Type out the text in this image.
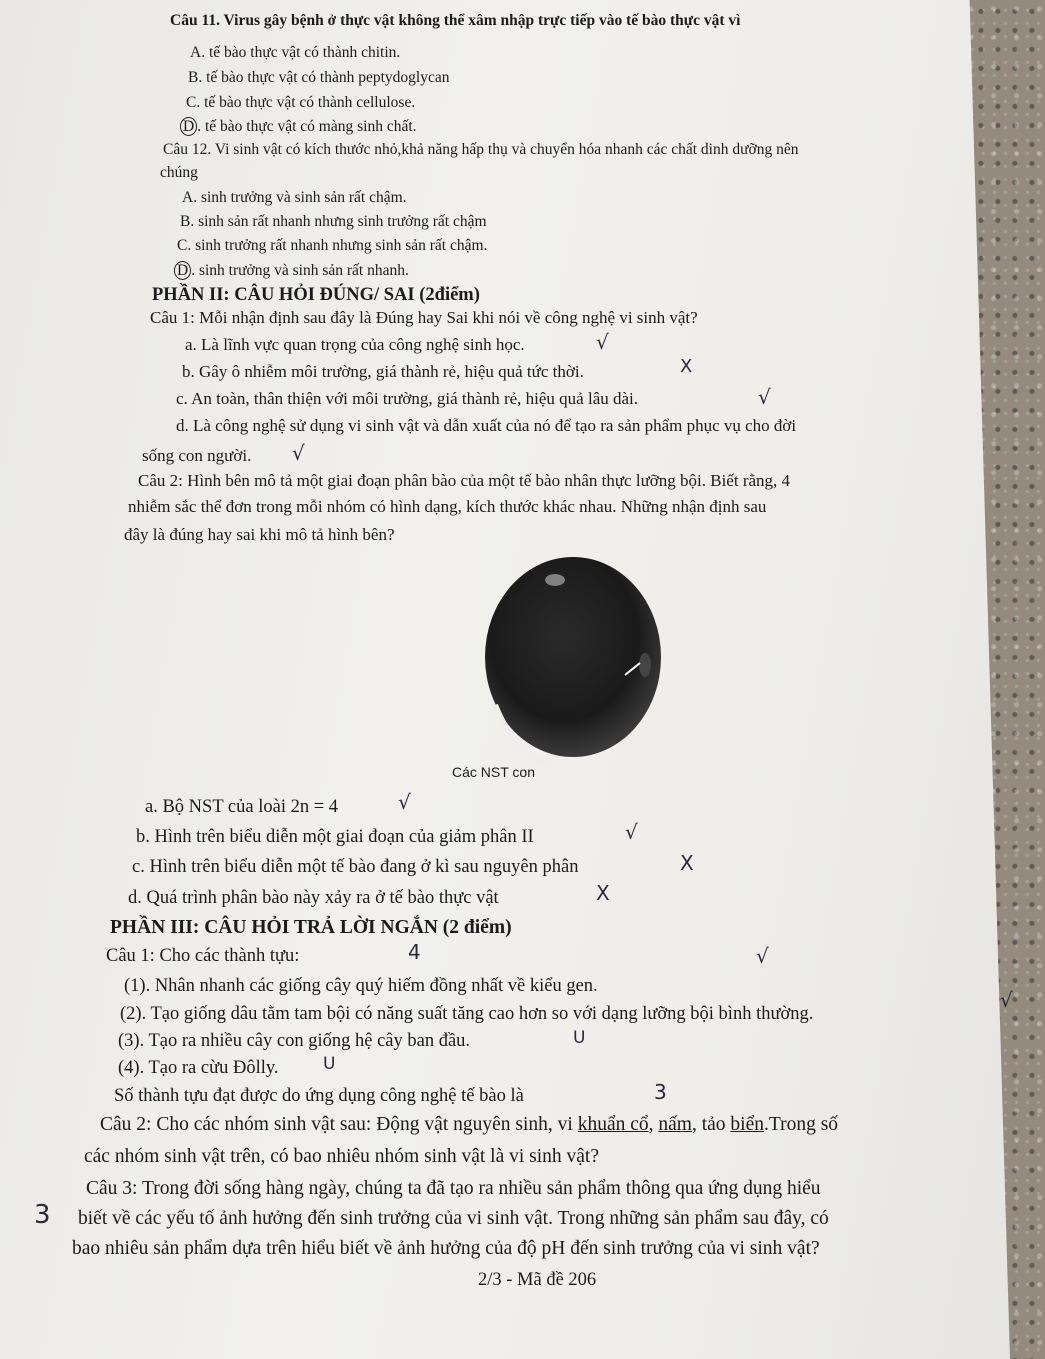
Câu 11. Virus gây bệnh ở thực vật không thể xâm nhập trực tiếp vào tế bào thực vật vì
A. tế bào thực vật có thành chitin.
B. tế bào thực vật có thành peptydoglycan
C. tế bào thực vật có thành cellulose.
D . tế bào thực vật có màng sinh chất.
Câu 12. Vi sinh vật có kích thước nhỏ,khả năng hấp thụ và chuyển hóa nhanh các chất dinh dưỡng nên
chúng
A. sinh trưởng và sinh sản rất chậm.
B. sinh sản rất nhanh nhưng sinh trưởng rất chậm
C. sinh trưởng rất nhanh nhưng sinh sản rất chậm.
D . sinh trưởng và sinh sản rất nhanh.
PHẦN II: CÂU HỎI ĐÚNG/ SAI (2điểm)
Câu 1: Mỗi nhận định sau đây là Đúng hay Sai khi nói về công nghệ vi sinh vật?
a. Là lĩnh vực quan trọng của công nghệ sinh học.	√
b. Gây ô nhiễm môi trường, giá thành rẻ, hiệu quả tức thời.	X
c. An toàn, thân thiện với môi trường, giá thành rẻ, hiệu quả lâu dài.	√
d. Là công nghệ sử dụng vi sinh vật và dẫn xuất của nó để tạo ra sản phẩm phục vụ cho đời
sống con người. √
Câu 2: Hình bên mô tả một giai đoạn phân bào của một tế bào nhân thực lưỡng bội. Biết rằng, 4
nhiễm sắc thể đơn trong mỗi nhóm có hình dạng, kích thước khác nhau. Những nhận định sau
đây là đúng hay sai khi mô tả hình bên?
Các NST con
a. Bộ NST của loài 2n = 4	√
b. Hình trên biểu diễn một giai đoạn của giảm phân II	√
c. Hình trên biểu diễn một tế bào đang ở kì sau nguyên phân	X
d. Quá trình phân bào này xảy ra ở tế bào thực vật	X
PHẦN III: CÂU HỎI TRẢ LỜI NGẮN (2 điểm)
Câu 1: Cho các thành tựu:	4	√
(1). Nhân nhanh các giống cây quý hiếm đồng nhất về kiểu gen.
(2). Tạo giống dâu tằm tam bội có năng suất tăng cao hơn so với dạng lưỡng bội bình thường.
√
(3). Tạo ra nhiều cây con giống hệ cây ban đầu.	U
(4). Tạo ra cừu Đôlly.	U
Số thành tựu đạt được do ứng dụng công nghệ tế bào là	3
Câu 2: Cho các nhóm sinh vật sau: Động vật nguyên sinh, vi khuẩn cổ, nấm, tảo biển.Trong số
các nhóm sinh vật trên, có bao nhiêu nhóm sinh vật là vi sinh vật?
Câu 3: Trong đời sống hàng ngày, chúng ta đã tạo ra nhiều sản phẩm thông qua ứng dụng hiểu
3 biết về các yếu tố ảnh hưởng đến sinh trưởng của vi sinh vật. Trong những sản phẩm sau đây, có
bao nhiêu sản phẩm dựa trên hiểu biết về ảnh hưởng của độ pH đến sinh trưởng của vi sinh vật?
2/3 - Mã đề 206
